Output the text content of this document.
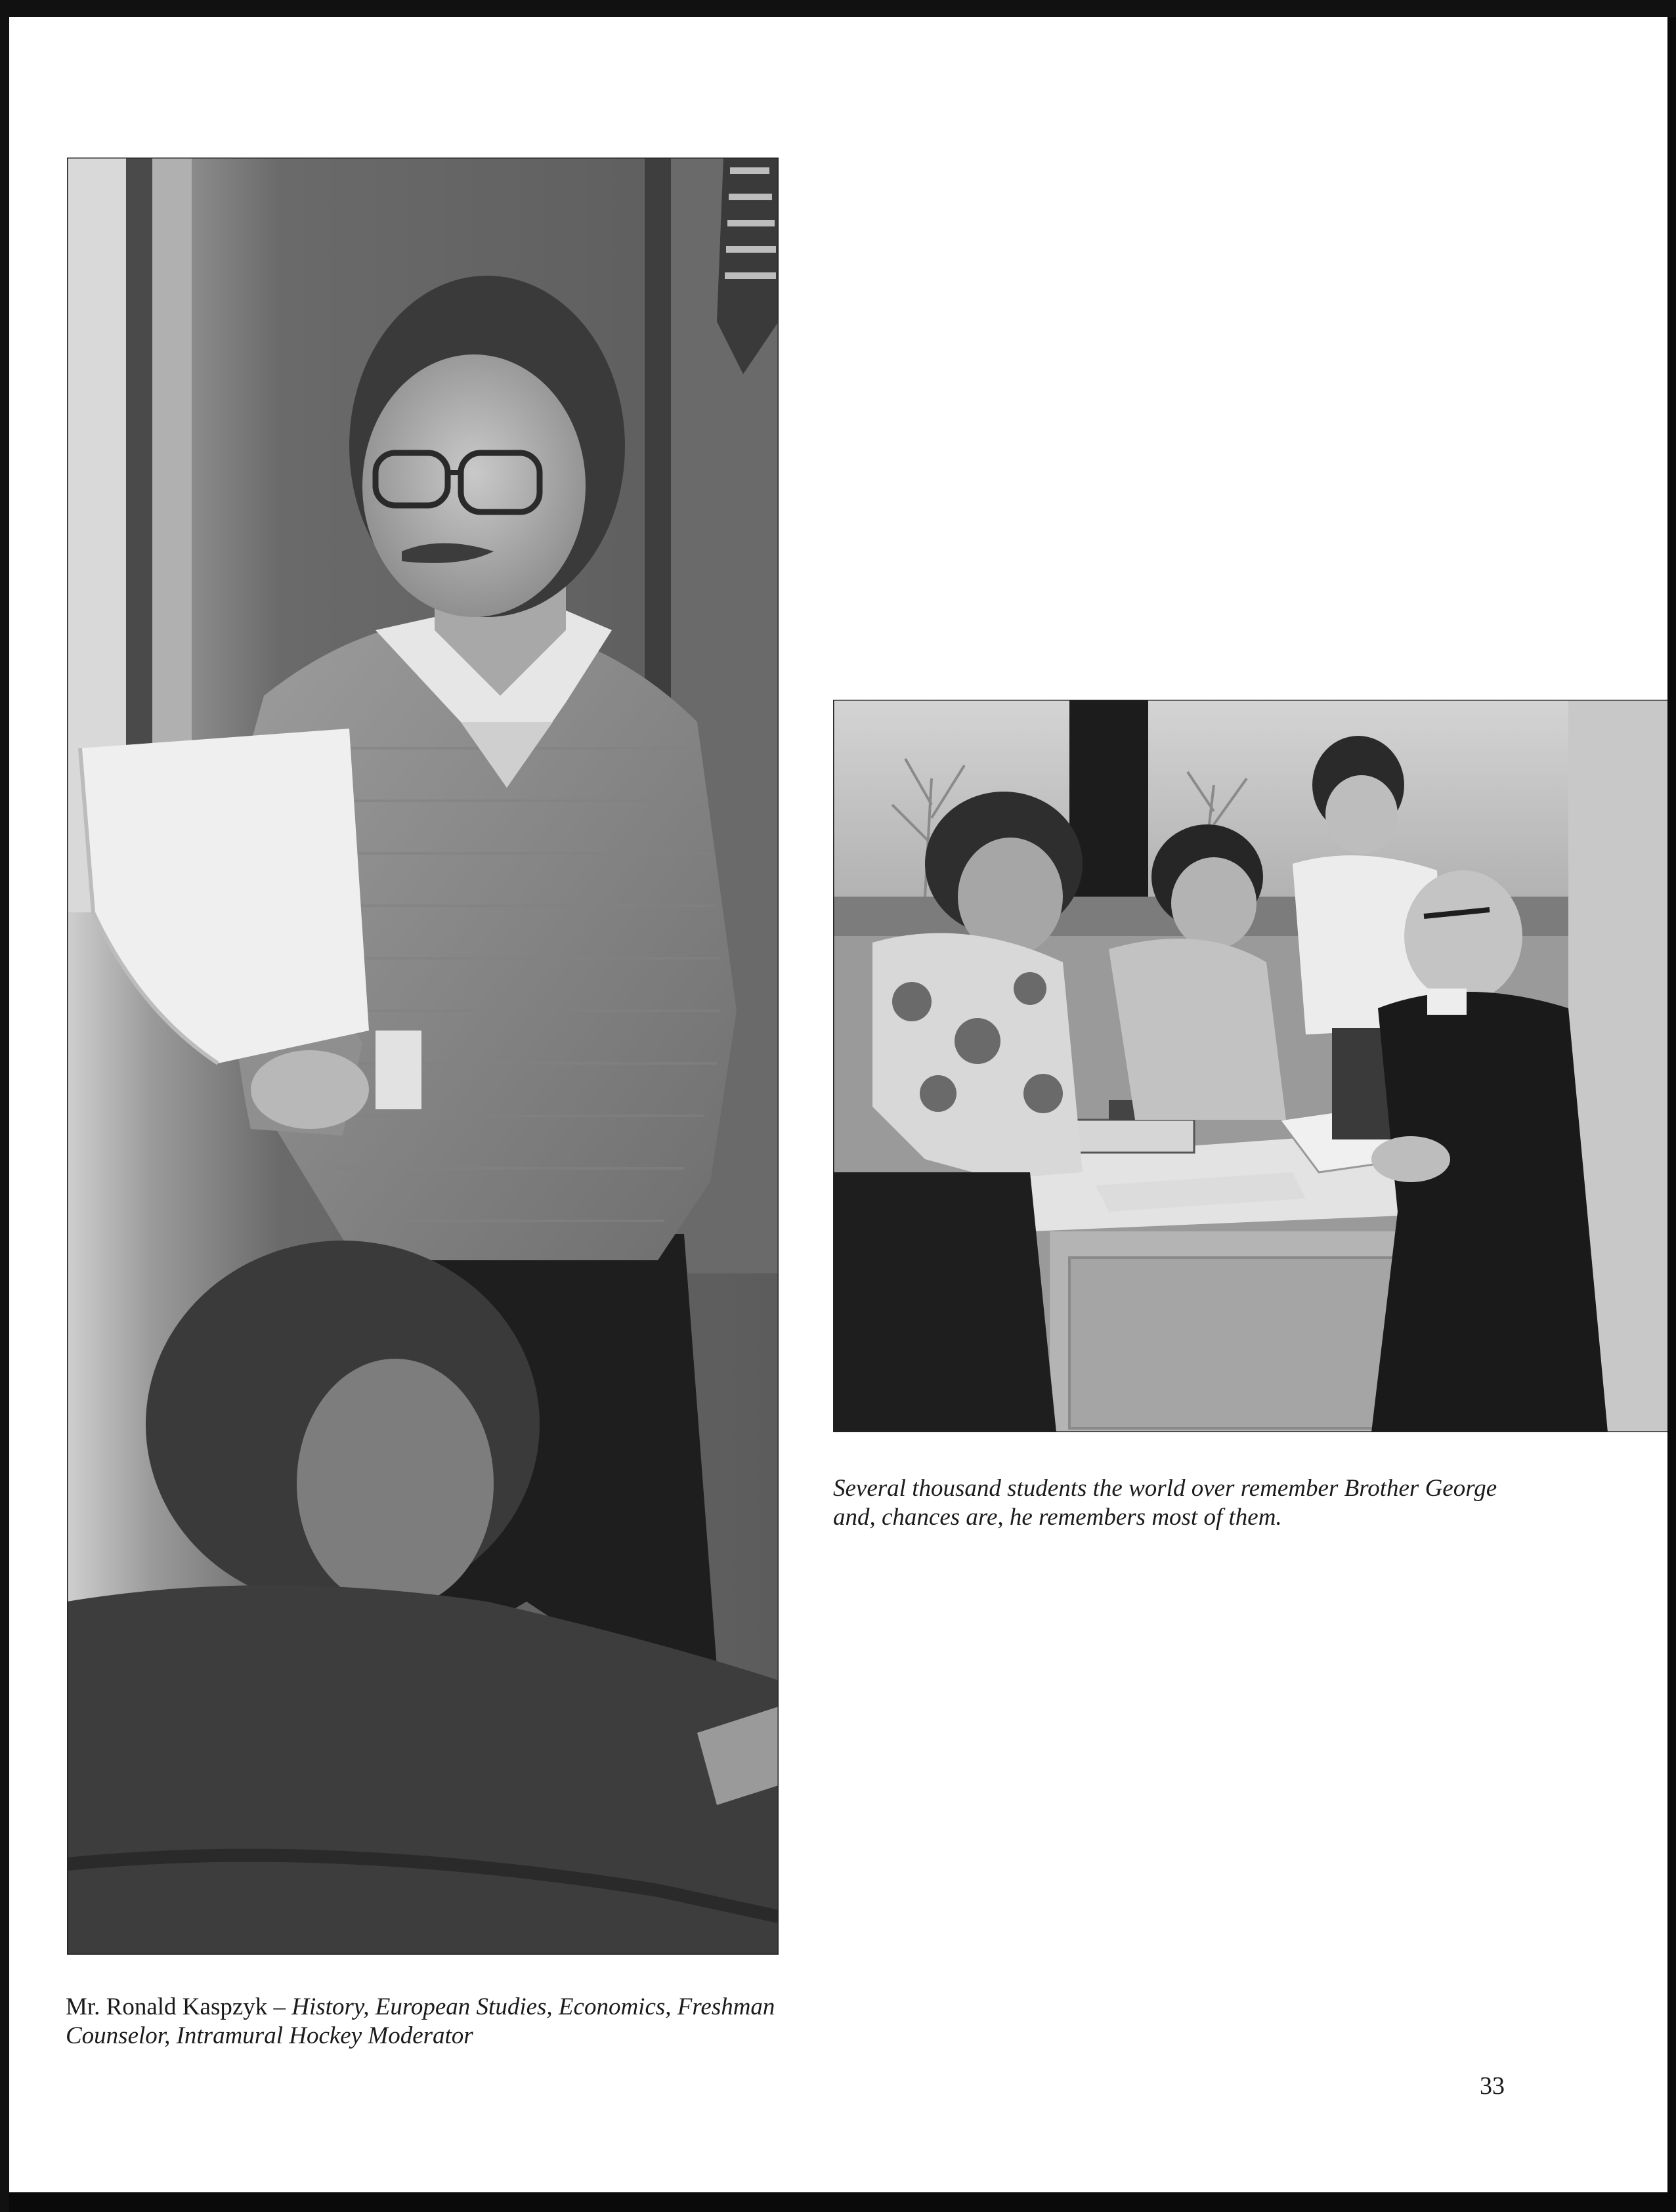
Mr. Ronald Kaspzyk – History, European Studies, Economics, Freshman Counselor, Intramural Hockey Moderator
Several thousand students the world over remember Brother George and, chances are, he remembers most of them.
33
